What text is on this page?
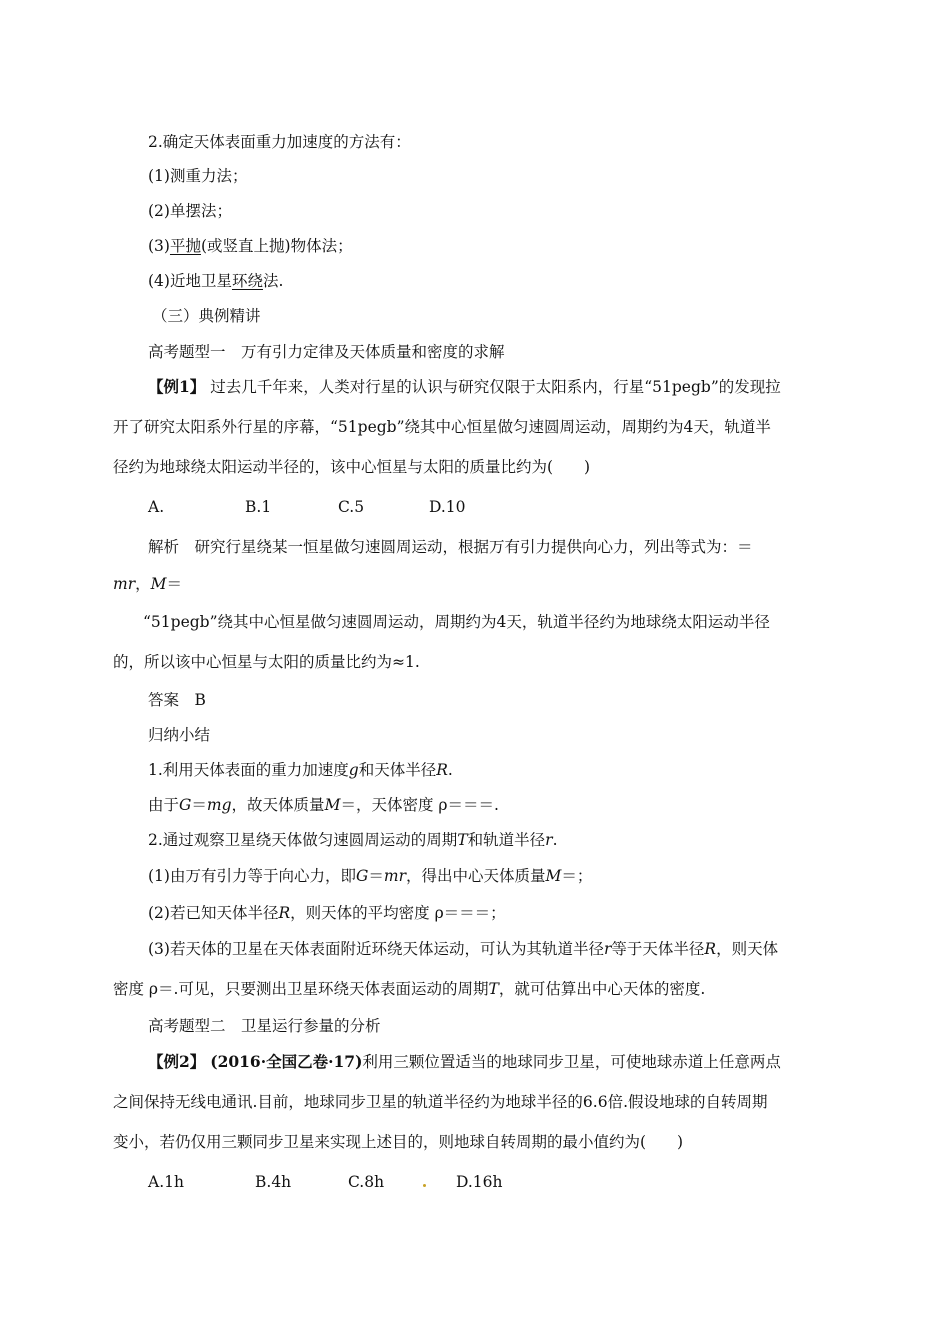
2.确定天体表面重力加速度的方法有：
(1)测重力法；
(2)单摆法；
(3)平抛(或竖直上抛)物体法；
(4)近地卫星环绕法.
（三）典例精讲
高考题型一　万有引力定律及天体质量和密度的求解
【例1】 过去几千年来，人类对行星的认识与研究仅限于太阳系内，行星“51pegb”的发现拉
开了研究太阳系外行星的序幕，“51pegb”绕其中心恒星做匀速圆周运动，周期约为4天，轨道半
径约为地球绕太阳运动半径的，该中心恒星与太阳的质量比约为(　　)
A.	B.1	C.5	D.10
解析　研究行星绕某一恒星做匀速圆周运动，根据万有引力提供向心力，列出等式为：＝
mr，M＝
“51pegb”绕其中心恒星做匀速圆周运动，周期约为4天，轨道半径约为地球绕太阳运动半径
的，所以该中心恒星与太阳的质量比约为≈1.
答案　B
归纳小结
1.利用天体表面的重力加速度g和天体半径R.
由于G＝mg，故天体质量M＝，天体密度 ρ＝＝＝.
2.通过观察卫星绕天体做匀速圆周运动的周期T和轨道半径r.
(1)由万有引力等于向心力，即G＝mr，得出中心天体质量M＝；
(2)若已知天体半径R，则天体的平均密度 ρ＝＝＝；
(3)若天体的卫星在天体表面附近环绕天体运动，可认为其轨道半径r等于天体半径R，则天体
密度 ρ＝.可见，只要测出卫星环绕天体表面运动的周期T，就可估算出中心天体的密度.
高考题型二　卫星运行参量的分析
【例2】 (2016·全国乙卷·17)利用三颗位置适当的地球同步卫星，可使地球赤道上任意两点
之间保持无线电通讯.目前，地球同步卫星的轨道半径约为地球半径的6.6倍.假设地球的自转周期
变小，若仍仅用三颗同步卫星来实现上述目的，则地球自转周期的最小值约为(　　)
A.1h	B.4h	C.8h	D.16h
